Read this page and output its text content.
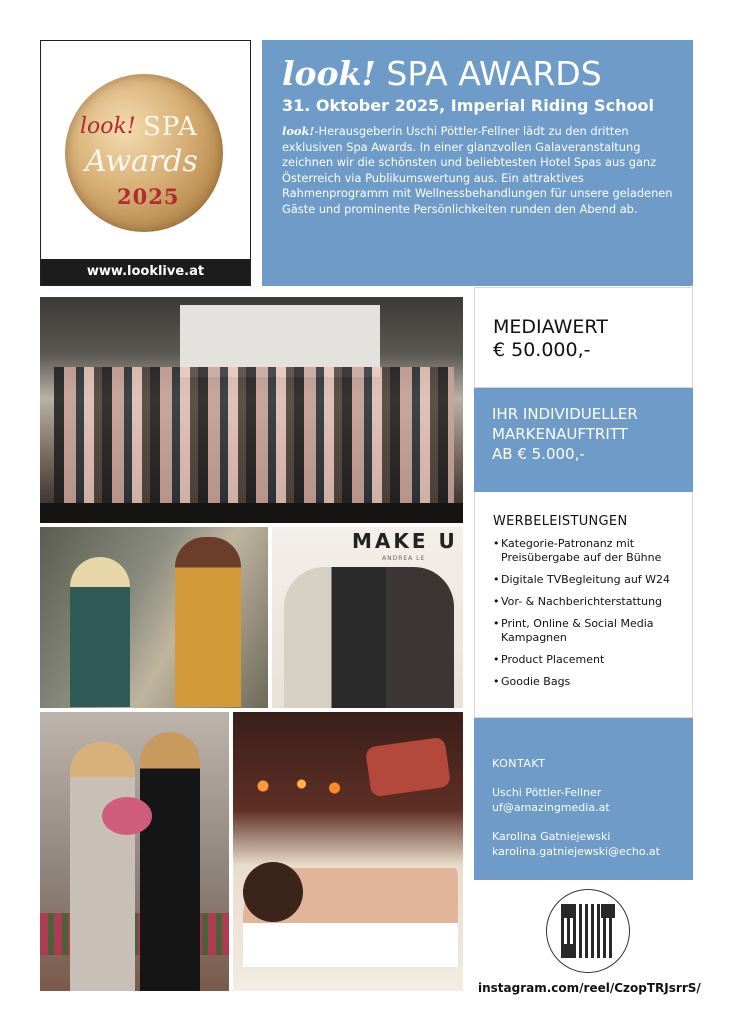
look! SPA
Awards
2025
www.looklive.at
look! SPA AWARDS
31. Oktober 2025, Imperial Riding School
look!-Herausgeberin Uschi Pöttler-Fellner lädt zu den dritten exklusiven Spa Awards. In einer glanzvollen Galaveranstaltung zeichnen wir die schönsten und beliebtesten Hotel Spas aus ganz Österreich via Publikumswertung aus. Ein attraktives Rahmenprogramm mit Wellnessbehandlungen für unsere geladenen Gäste und prominente Persönlichkeiten runden den Abend ab.
MAKE U
ANDREA LE
MEDIAWERT
€ 50.000,-
IHR INDIVIDUELLER
MARKENAUFTRITT
AB € 5.000,-
WERBELEISTUNGEN
• Kategorie-Patronanz mit Preisübergabe auf der Bühne
• Digitale TVBegleitung auf W24
• Vor- & Nachberichterstattung
• Print, Online & Social Media Kampagnen
• Product Placement
• Goodie Bags
KONTAKT
Uschi Pöttler-Fellner
uf@amazingmedia.at
Karolina Gatniejewski
karolina.gatniejewski@echo.at
instagram.com/reel/CzopTRJsrrS/
